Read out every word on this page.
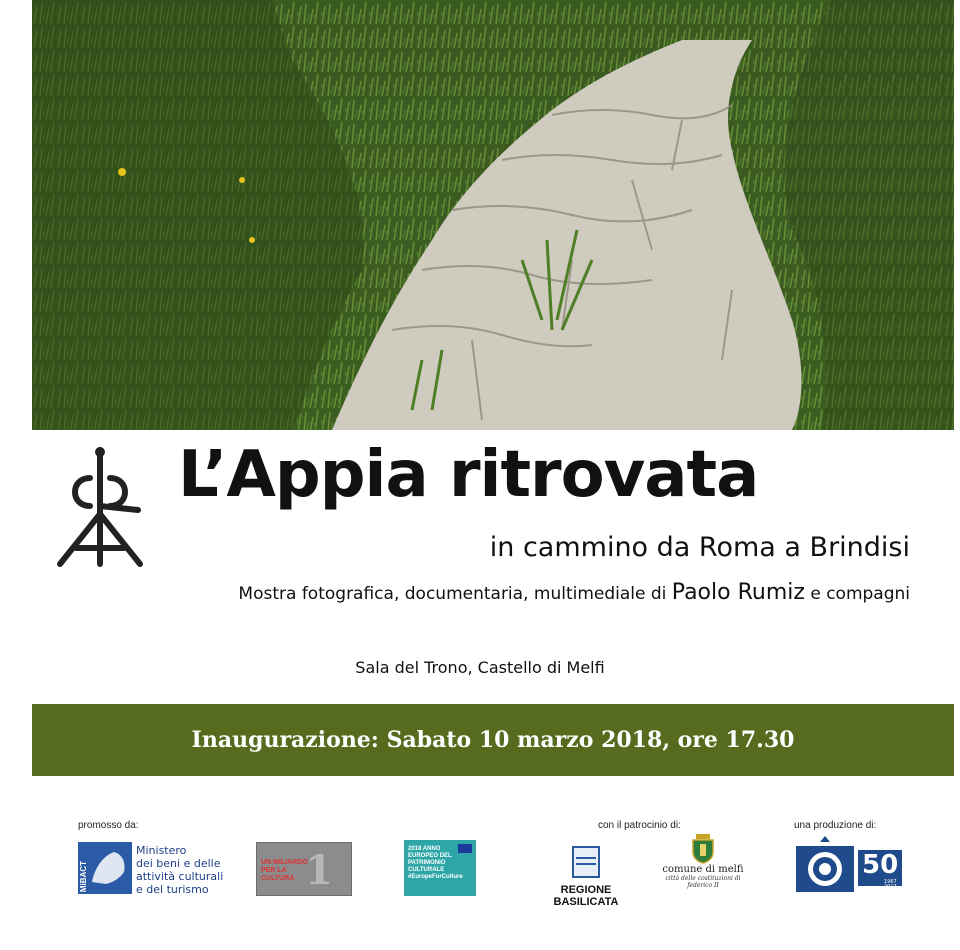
L’Appia ritrovata
in cammino da Roma a Brindisi
Mostra fotografica, documentaria, multimediale di Paolo Rumiz e compagni
Sala del Trono, Castello di Melfi
Inaugurazione: Sabato 10 marzo 2018, ore 17.30
promosso da:	con il patrocinio di:	una produzione di:
MiBACT
Ministero
dei beni e delle
attività culturali
e del turismo
UN MILIARDO PER LA CULTURA 1	2018 ANNO EUROPEO DEL PATRIMONIO CULTURALE #EuropeForCulture
REGIONE BASILICATA
comune di melfi
città delle costituzioni di federico II
50
1967 2017
